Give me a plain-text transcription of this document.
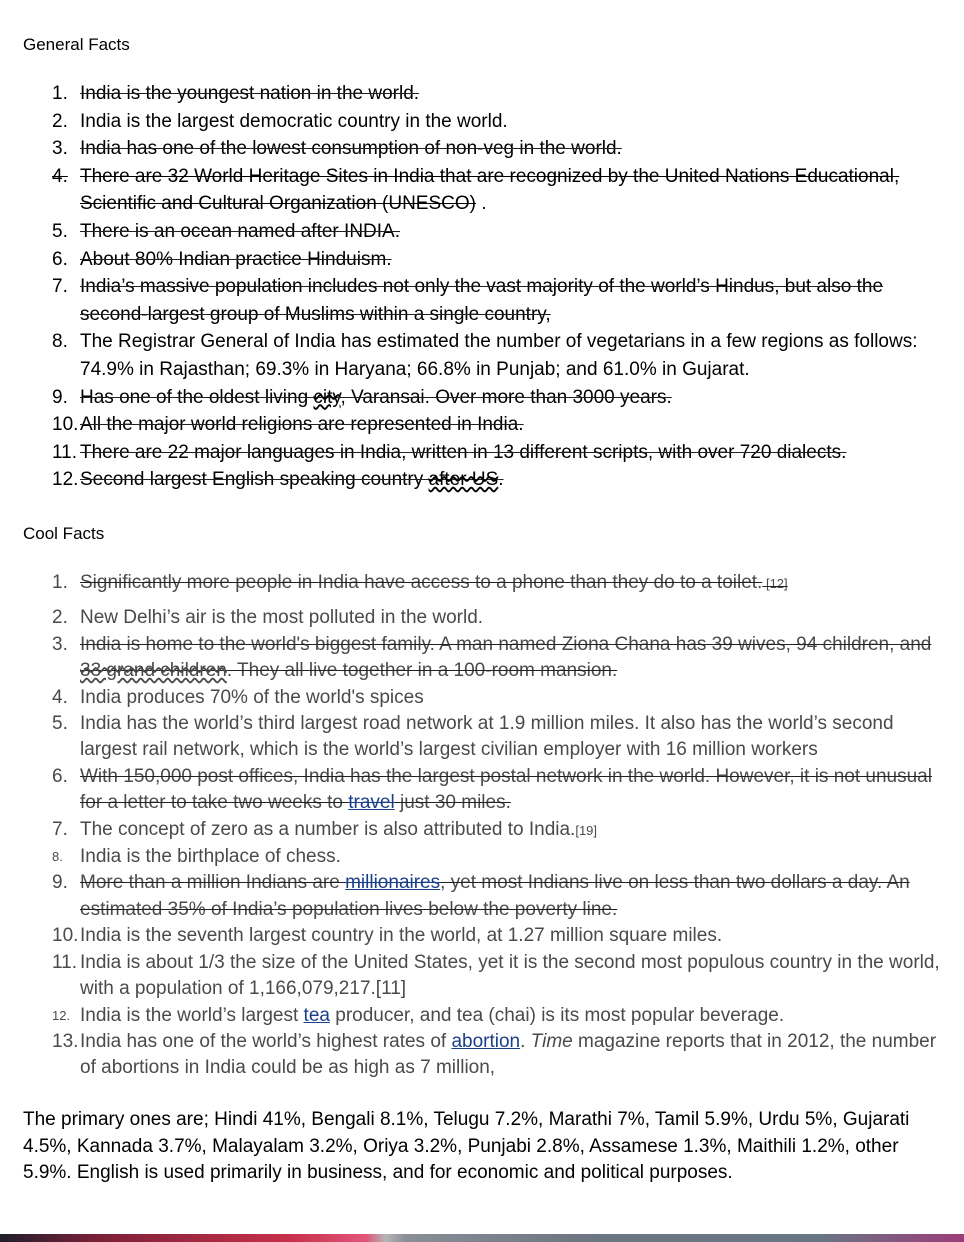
General Facts
1. India is the youngest nation in the world.
2. India is the largest democratic country in the world.
3. India has one of the lowest consumption of non-veg in the world.
4. There are 32 World Heritage Sites in India that are recognized by the United Nations Educational, Scientific and Cultural Organization (UNESCO) .
5. There is an ocean named after INDIA.
6. About 80% Indian practice Hinduism.
7. India’s massive population includes not only the vast majority of the world’s Hindus, but also the second-largest group of Muslims within a single country,
8. The Registrar General of India has estimated the number of vegetarians in a few regions as follows: 74.9% in Rajasthan; 69.3% in Haryana; 66.8% in Punjab; and 61.0% in Gujarat.
9. Has one of the oldest living city, Varansai. Over more than 3000 years.
10. All the major world religions are represented in India.
11. There are 22 major languages in India, written in 13 different scripts, with over 720 dialects.
12. Second largest English speaking country after US.
Cool Facts
1. Significantly more people in India have access to a phone than they do to a toilet. [12]
2. New Delhi’s air is the most polluted in the world.
3. India is home to the world's biggest family. A man named Ziona Chana has 39 wives, 94 children, and 33 grand children. They all live together in a 100-room mansion.
4. India produces 70% of the world's spices
5. India has the world’s third largest road network at 1.9 million miles. It also has the world’s second largest rail network, which is the world’s largest civilian employer with 16 million workers
6. With 150,000 post offices, India has the largest postal network in the world. However, it is not unusual for a letter to take two weeks to travel just 30 miles.
7. The concept of zero as a number is also attributed to India.[19]
8. India is the birthplace of chess.
9. More than a million Indians are millionaires, yet most Indians live on less than two dollars a day. An estimated 35% of India’s population lives below the poverty line.
10. India is the seventh largest country in the world, at 1.27 million square miles.
11. India is about 1/3 the size of the United States, yet it is the second most populous country in the world, with a population of 1,166,079,217.[11]
12. India is the world’s largest tea producer, and tea (chai) is its most popular beverage.
13. India has one of the world’s highest rates of abortion. Time magazine reports that in 2012, the number of abortions in India could be as high as 7 million,

The primary ones are; Hindi 41%, Bengali 8.1%, Telugu 7.2%, Marathi 7%, Tamil 5.9%, Urdu 5%, Gujarati 4.5%, Kannada 3.7%, Malayalam 3.2%, Oriya 3.2%, Punjabi 2.8%, Assamese 1.3%, Maithili 1.2%, other 5.9%. English is used primarily in business, and for economic and political purposes.
